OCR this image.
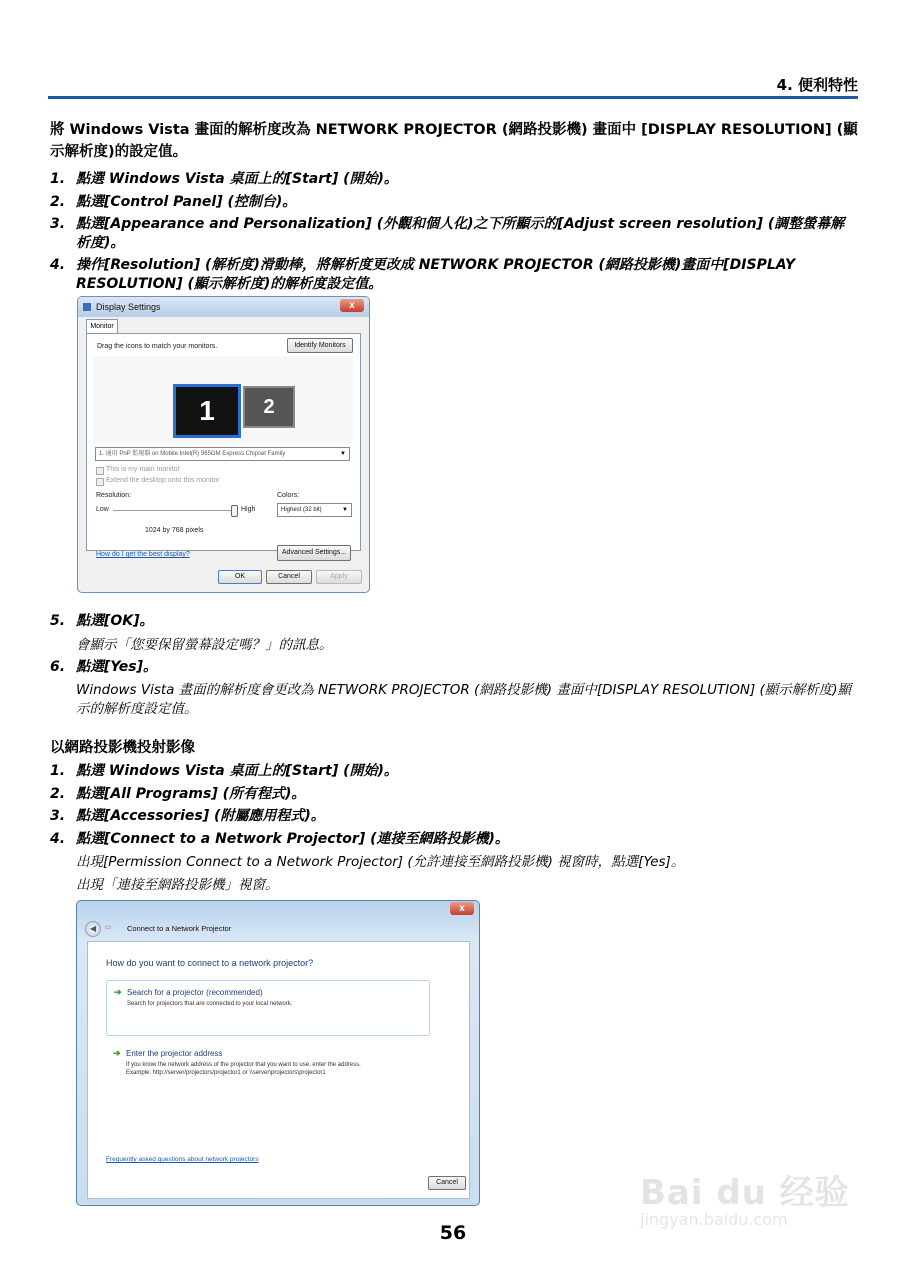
4. 便利特性
將 Windows Vista 畫面的解析度改為 NETWORK PROJECTOR (網路投影機) 畫面中 [DISPLAY RESOLUTION] (顯示解析度)的設定值。
1. 點選 Windows Vista 桌面上的[Start] (開始)。
2. 點選[Control Panel] (控制台)。
3. 點選[Appearance and Personalization] (外觀和個人化)之下所顯示的[Adjust screen resolution] (調整螢幕解析度)。
4. 操作[Resolution] (解析度)滑動棒，將解析度更改成 NETWORK PROJECTOR (網路投影機)畫面中[DISPLAY RESOLUTION] (顯示解析度)的解析度設定值。
Display Settings	x
Monitor
Drag the icons to match your monitors.	Identify Monitors
1	2
1. 通用 PnP 監視器 on Mobile Intel(R) 965GM Express Chipset Family	▼
This is my main monitor
Extend the desktop onto this monitor
Resolution:
Low	High
Colors:
Highest (32 bit)	▼
1024 by 768 pixels
How do I get the best display?	Advanced Settings...
OK	Cancel	Apply
5. 點選[OK]。
會顯示「您要保留螢幕設定嗎？」的訊息。
6. 點選[Yes]。
Windows Vista 畫面的解析度會更改為 NETWORK PROJECTOR (網路投影機) 畫面中[DISPLAY RESOLUTION] (顯示解析度)顯示的解析度設定值。
以網路投影機投射影像
1. 點選 Windows Vista 桌面上的[Start] (開始)。
2. 點選[All Programs] (所有程式)。
3. 點選[Accessories] (附屬應用程式)。
4. 點選[Connect to a Network Projector] (連接至網路投影機)。
出現[Permission Connect to a Network Projector] (允許連接至網路投影機) 視窗時，點選[Yes]。
出現「連接至網路投影機」視窗。
x
◀	▭ Connect to a Network Projector
How do you want to connect to a network projector?
➔ Search for a projector (recommended)
Search for projectors that are connected to your local network.
➔ Enter the projector address
If you know the network address of the projector that you want to use, enter the address.
Example: http://server/projectors/projector1 or \\server\projectors\projector1
Frequently asked questions about network projectors
Cancel
56
Bai du 经验
jingyan.baidu.com
